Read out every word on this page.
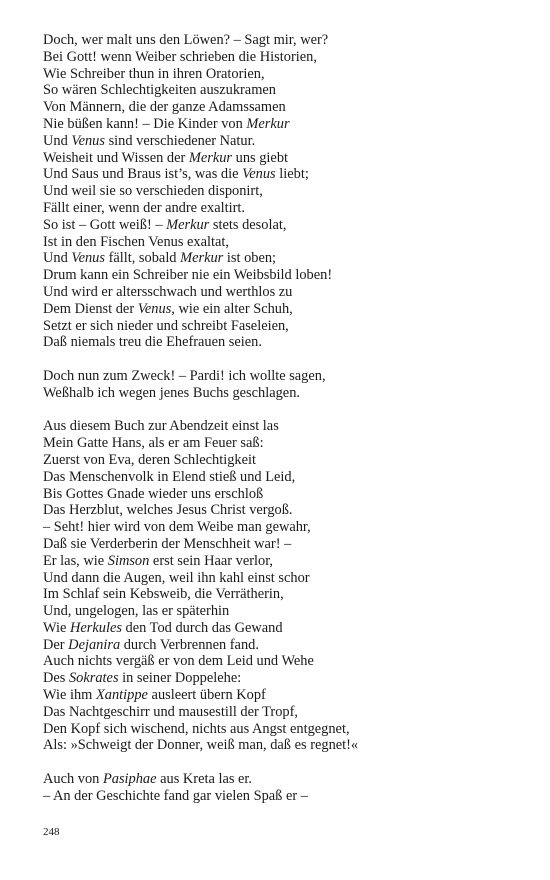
Doch, wer malt uns den Löwen? – Sagt mir, wer?
Bei Gott! wenn Weiber schrieben die Historien,
Wie Schreiber thun in ihren Oratorien,
So wären Schlechtigkeiten auszukramen
Von Männern, die der ganze Adamssamen
Nie büßen kann! – Die Kinder von Merkur
Und Venus sind verschiedener Natur.
Weisheit und Wissen der Merkur uns giebt
Und Saus und Braus ist’s, was die Venus liebt;
Und weil sie so verschieden disponirt,
Fällt einer, wenn der andre exaltirt.
So ist – Gott weiß! – Merkur stets desolat,
Ist in den Fischen Venus exaltat,
Und Venus fällt, sobald Merkur ist oben;
Drum kann ein Schreiber nie ein Weibsbild loben!
Und wird er altersschwach und werthlos zu
Dem Dienst der Venus, wie ein alter Schuh,
Setzt er sich nieder und schreibt Faseleien,
Daß niemals treu die Ehefrauen seien.
Doch nun zum Zweck! – Pardi! ich wollte sagen,
Weßhalb ich wegen jenes Buchs geschlagen.
Aus diesem Buch zur Abendzeit einst las
Mein Gatte Hans, als er am Feuer saß:
Zuerst von Eva, deren Schlechtigkeit
Das Menschenvolk in Elend stieß und Leid,
Bis Gottes Gnade wieder uns erschloß
Das Herzblut, welches Jesus Christ vergoß.
– Seht! hier wird von dem Weibe man gewahr,
Daß sie Verderberin der Menschheit war! –
Er las, wie Simson erst sein Haar verlor,
Und dann die Augen, weil ihn kahl einst schor
Im Schlaf sein Kebsweib, die Verrätherin,
Und, ungelogen, las er späterhin
Wie Herkules den Tod durch das Gewand
Der Dejanira durch Verbrennen fand.
Auch nichts vergäß er von dem Leid und Wehe
Des Sokrates in seiner Doppelehe:
Wie ihm Xantippe ausleert übern Kopf
Das Nachtgeschirr und mausestill der Tropf,
Den Kopf sich wischend, nichts aus Angst entgegnet,
Als: »Schweigt der Donner, weiß man, daß es regnet!«
Auch von Pasiphae aus Kreta las er.
– An der Geschichte fand gar vielen Spaß er –
248
